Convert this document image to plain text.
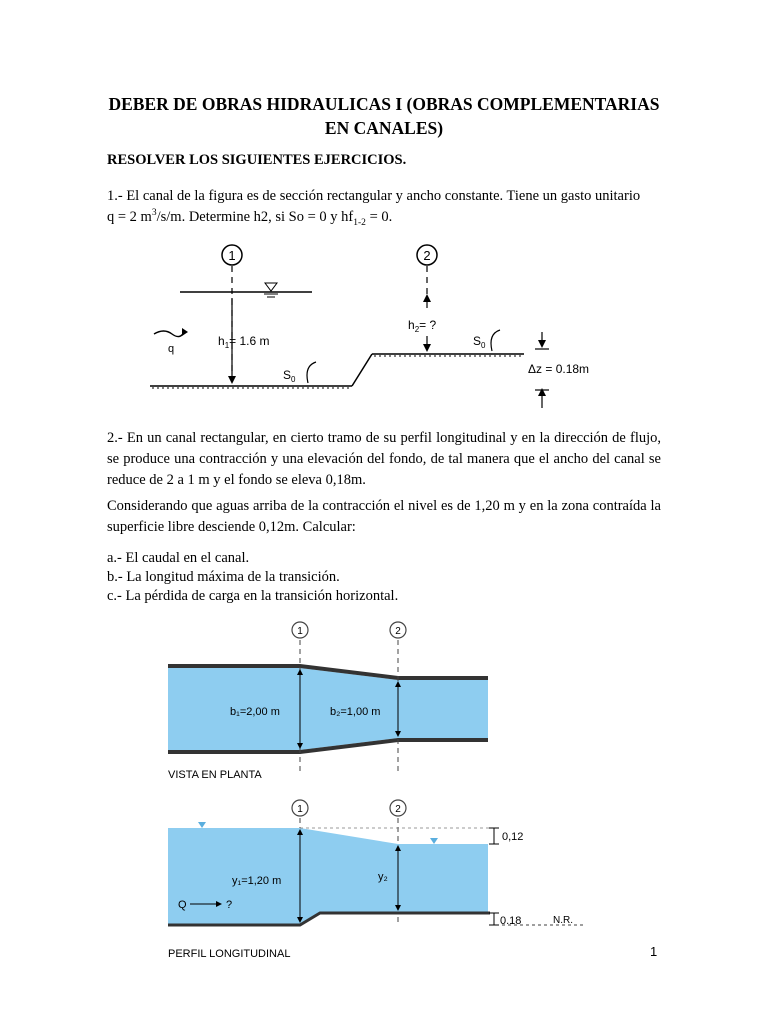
DEBER DE OBRAS HIDRAULICAS I (OBRAS COMPLEMENTARIAS
EN CANALES)
RESOLVER LOS SIGUIENTES EJERCICIOS.
1.- El canal de la figura es de sección rectangular y ancho constante. Tiene un gasto unitario
q = 2 $m^3/s/m$. Determine h2, si So = 0 y $hf_{1-2} = 0$.
1	2
q
$h_1= 1.6$ m
$h_2=$ ?
$S_0$
$S_0$
Δz = 0.18m
2.- En un canal rectangular, en cierto tramo de su perfil longitudinal y en la dirección de flujo, se produce una contracción y una elevación del fondo, de tal manera que el ancho del canal se reduce de 2 a 1 m y el fondo se eleva 0,18m.
Considerando que aguas arriba de la contracción el nivel es de 1,20 m y en la zona contraída la superficie libre desciende 0,12m. Calcular:
a.- El caudal en el canal.
b.- La longitud máxima de la transición.
c.- La pérdida de carga en la transición horizontal.
1	2
b₁=2,00 m	b₂=1,00 m
VISTA EN PLANTA
1	2
y₁=1,20 m	y₂
Q	?
0,12
0.18	N.R.
PERFIL LONGITUDINAL	1
